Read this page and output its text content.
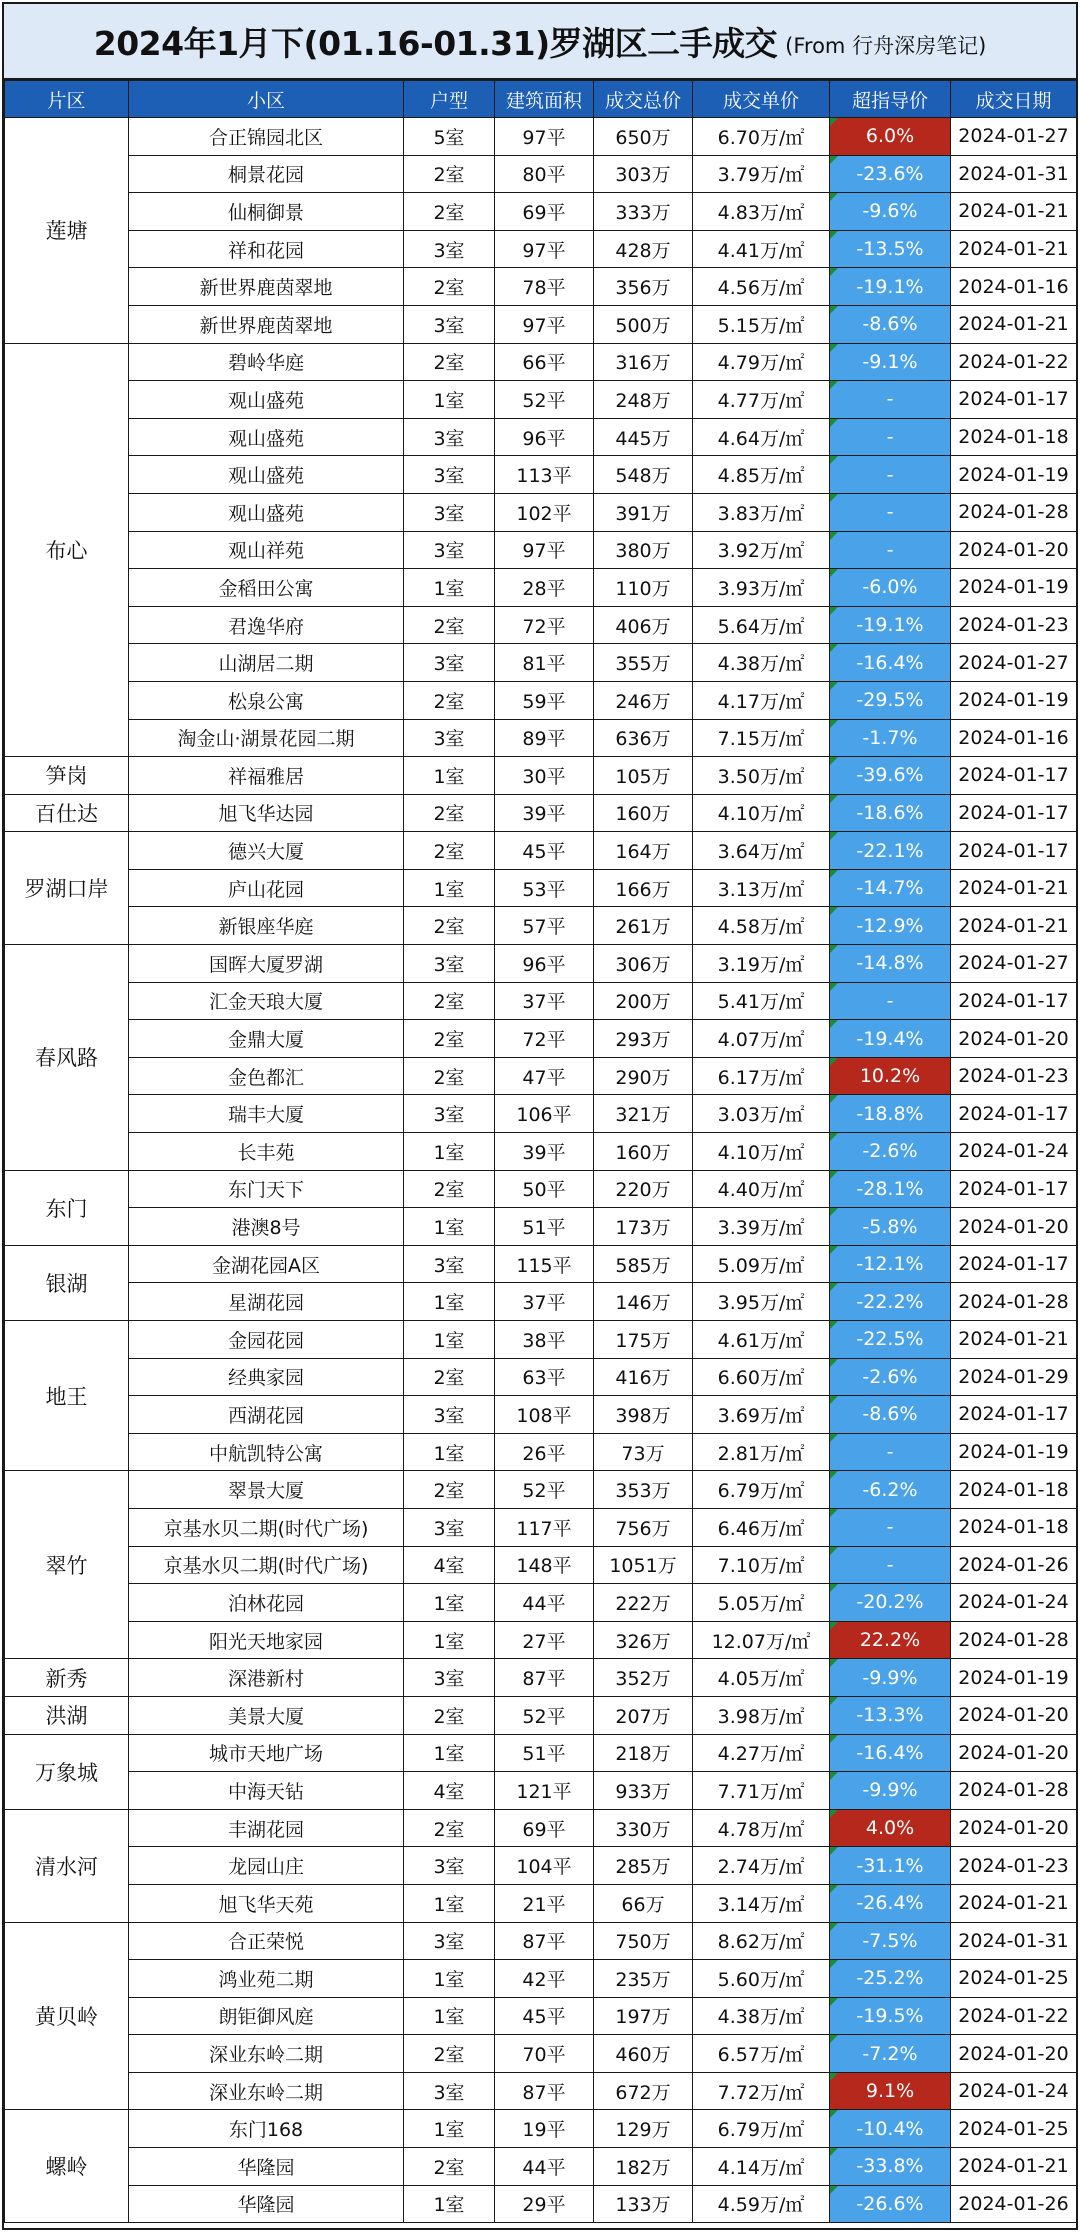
2024年1月下(01.16-01.31)罗湖区二手成交 (From 行舟深房笔记)
片区	小区	户型	建筑面积	成交总价	成交单价	超指导价	成交日期
莲塘	合正锦园北区	5室	97平	650万	6.70万/㎡	6.0%	2024-01-27
	桐景花园	2室	80平	303万	3.79万/㎡	-23.6%	2024-01-31
	仙桐御景	2室	69平	333万	4.83万/㎡	-9.6%	2024-01-21
	祥和花园	3室	97平	428万	4.41万/㎡	-13.5%	2024-01-21
	新世界鹿茵翠地	2室	78平	356万	4.56万/㎡	-19.1%	2024-01-16
	新世界鹿茵翠地	3室	97平	500万	5.15万/㎡	-8.6%	2024-01-21
布心	碧岭华庭	2室	66平	316万	4.79万/㎡	-9.1%	2024-01-22
	观山盛苑	1室	52平	248万	4.77万/㎡	-	2024-01-17
	观山盛苑	3室	96平	445万	4.64万/㎡	-	2024-01-18
	观山盛苑	3室	113平	548万	4.85万/㎡	-	2024-01-19
	观山盛苑	3室	102平	391万	3.83万/㎡	-	2024-01-28
	观山祥苑	3室	97平	380万	3.92万/㎡	-	2024-01-20
	金稻田公寓	1室	28平	110万	3.93万/㎡	-6.0%	2024-01-19
	君逸华府	2室	72平	406万	5.64万/㎡	-19.1%	2024-01-23
	山湖居二期	3室	81平	355万	4.38万/㎡	-16.4%	2024-01-27
	松泉公寓	2室	59平	246万	4.17万/㎡	-29.5%	2024-01-19
	淘金山·湖景花园二期	3室	89平	636万	7.15万/㎡	-1.7%	2024-01-16
笋岗	祥福雅居	1室	30平	105万	3.50万/㎡	-39.6%	2024-01-17
百仕达	旭飞华达园	2室	39平	160万	4.10万/㎡	-18.6%	2024-01-17
罗湖口岸	德兴大厦	2室	45平	164万	3.64万/㎡	-22.1%	2024-01-17
	庐山花园	1室	53平	166万	3.13万/㎡	-14.7%	2024-01-21
	新银座华庭	2室	57平	261万	4.58万/㎡	-12.9%	2024-01-21
春风路	国晖大厦罗湖	3室	96平	306万	3.19万/㎡	-14.8%	2024-01-27
	汇金天琅大厦	2室	37平	200万	5.41万/㎡	-	2024-01-17
	金鼎大厦	2室	72平	293万	4.07万/㎡	-19.4%	2024-01-20
	金色都汇	2室	47平	290万	6.17万/㎡	10.2%	2024-01-23
	瑞丰大厦	3室	106平	321万	3.03万/㎡	-18.8%	2024-01-17
	长丰苑	1室	39平	160万	4.10万/㎡	-2.6%	2024-01-24
东门	东门天下	2室	50平	220万	4.40万/㎡	-28.1%	2024-01-17
	港澳8号	1室	51平	173万	3.39万/㎡	-5.8%	2024-01-20
银湖	金湖花园A区	3室	115平	585万	5.09万/㎡	-12.1%	2024-01-17
	星湖花园	1室	37平	146万	3.95万/㎡	-22.2%	2024-01-28
地王	金园花园	1室	38平	175万	4.61万/㎡	-22.5%	2024-01-21
	经典家园	2室	63平	416万	6.60万/㎡	-2.6%	2024-01-29
	西湖花园	3室	108平	398万	3.69万/㎡	-8.6%	2024-01-17
	中航凯特公寓	1室	26平	73万	2.81万/㎡	-	2024-01-19
翠竹	翠景大厦	2室	52平	353万	6.79万/㎡	-6.2%	2024-01-18
	京基水贝二期(时代广场)	3室	117平	756万	6.46万/㎡	-	2024-01-18
	京基水贝二期(时代广场)	4室	148平	1051万	7.10万/㎡	-	2024-01-26
	泊林花园	1室	44平	222万	5.05万/㎡	-20.2%	2024-01-24
	阳光天地家园	1室	27平	326万	12.07万/㎡	22.2%	2024-01-28
新秀	深港新村	3室	87平	352万	4.05万/㎡	-9.9%	2024-01-19
洪湖	美景大厦	2室	52平	207万	3.98万/㎡	-13.3%	2024-01-20
万象城	城市天地广场	1室	51平	218万	4.27万/㎡	-16.4%	2024-01-20
	中海天钻	4室	121平	933万	7.71万/㎡	-9.9%	2024-01-28
清水河	丰湖花园	2室	69平	330万	4.78万/㎡	4.0%	2024-01-20
	龙园山庄	3室	104平	285万	2.74万/㎡	-31.1%	2024-01-23
	旭飞华天苑	1室	21平	66万	3.14万/㎡	-26.4%	2024-01-21
黄贝岭	合正荣悦	3室	87平	750万	8.62万/㎡	-7.5%	2024-01-31
	鸿业苑二期	1室	42平	235万	5.60万/㎡	-25.2%	2024-01-25
	朗钜御风庭	1室	45平	197万	4.38万/㎡	-19.5%	2024-01-22
	深业东岭二期	2室	70平	460万	6.57万/㎡	-7.2%	2024-01-20
	深业东岭二期	3室	87平	672万	7.72万/㎡	9.1%	2024-01-24
螺岭	东门168	1室	19平	129万	6.79万/㎡	-10.4%	2024-01-25
	华隆园	2室	44平	182万	4.14万/㎡	-33.8%	2024-01-21
	华隆园	1室	29平	133万	4.59万/㎡	-26.6%	2024-01-26
